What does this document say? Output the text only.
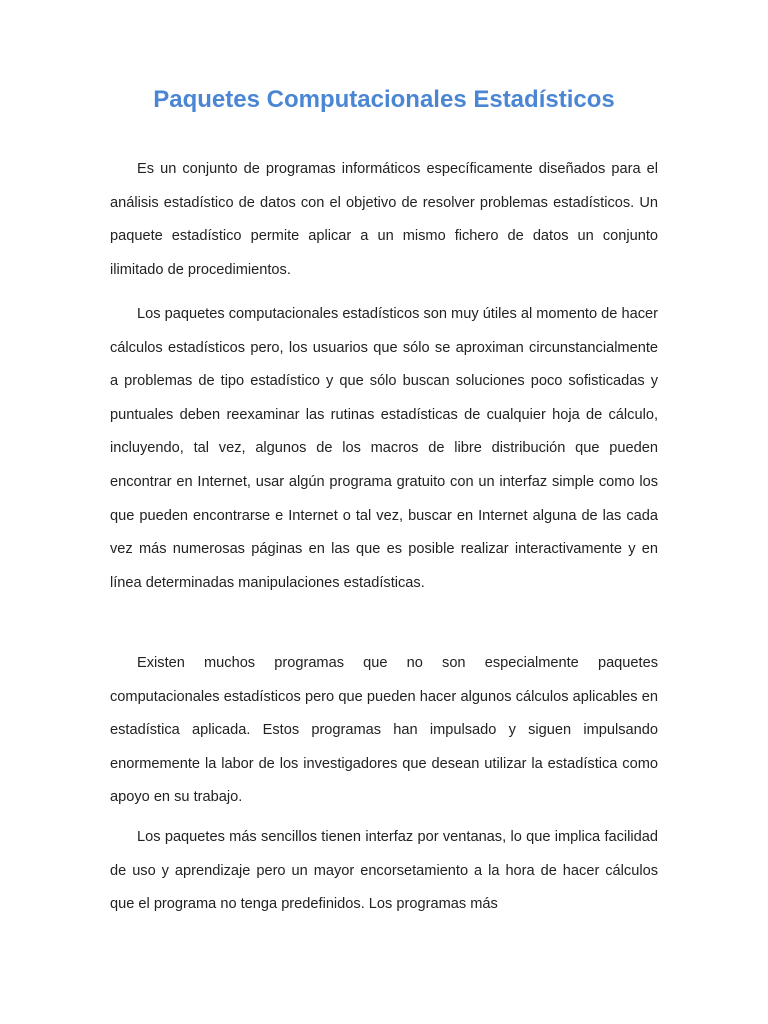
Paquetes Computacionales Estadísticos

Es un conjunto de programas informáticos específicamente diseñados para el análisis estadístico de datos con el objetivo de resolver problemas estadísticos. Un paquete estadístico permite aplicar a un mismo fichero de datos un conjunto ilimitado de procedimientos.

Los paquetes computacionales estadísticos son muy útiles al momento de hacer cálculos estadísticos pero, los usuarios que sólo se aproximan circunstancialmente a problemas de tipo estadístico y que sólo buscan soluciones poco sofisticadas y puntuales deben reexaminar las rutinas estadísticas de cualquier hoja de cálculo, incluyendo, tal vez, algunos de los macros de libre distribución que pueden encontrar en Internet, usar algún programa gratuito con un interfaz simple como los que pueden encontrarse e Internet o tal vez, buscar en Internet alguna de las cada vez más numerosas páginas en las que es posible realizar interactivamente y en línea determinadas manipulaciones estadísticas.

Existen muchos programas que no son especialmente paquetes computacionales estadísticos pero que pueden hacer algunos cálculos aplicables en estadística aplicada. Estos programas han impulsado y siguen impulsando enormemente la labor de los investigadores que desean utilizar la estadística como apoyo en su trabajo.

Los paquetes más sencillos tienen interfaz por ventanas, lo que implica facilidad de uso y aprendizaje pero un mayor encorsetamiento a la hora de hacer cálculos que el programa no tenga predefinidos. Los programas más
